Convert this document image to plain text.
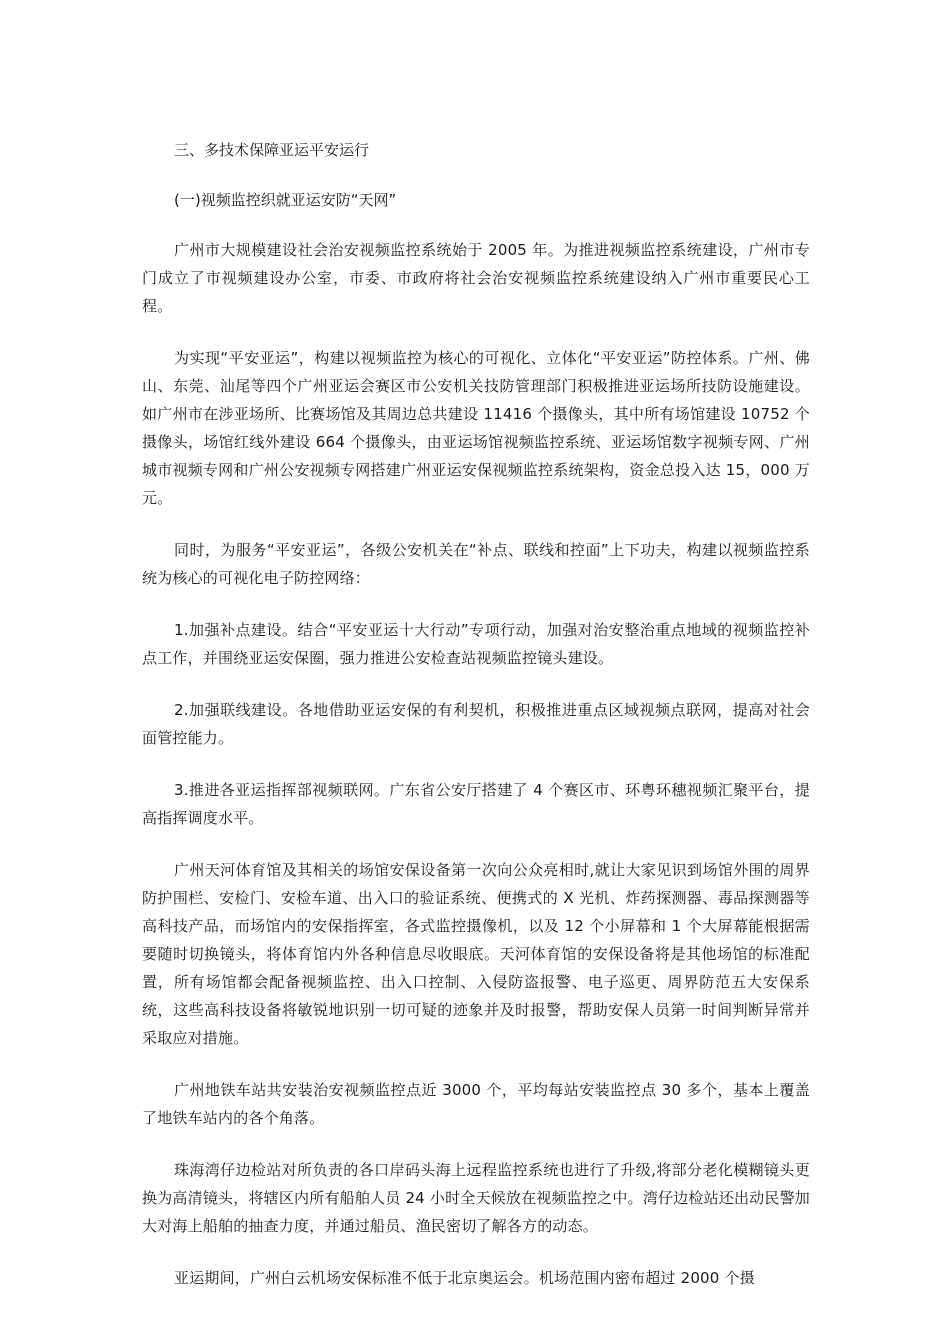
三、多技术保障亚运平安运行

(一)视频监控织就亚运安防“天网”

广州市大规模建设社会治安视频监控系统始于 2005 年。为推进视频监控系统建设，广州市专门成立了市视频建设办公室，市委、市政府将社会治安视频监控系统建设纳入广州市重要民心工程。

为实现“平安亚运”，构建以视频监控为核心的可视化、立体化“平安亚运”防控体系。广州、佛山、东莞、汕尾等四个广州亚运会赛区市公安机关技防管理部门积极推进亚运场所技防设施建设。如广州市在涉亚场所、比赛场馆及其周边总共建设 11416 个摄像头，其中所有场馆建设 10752 个摄像头，场馆红线外建设 664 个摄像头，由亚运场馆视频监控系统、亚运场馆数字视频专网、广州城市视频专网和广州公安视频专网搭建广州亚运安保视频监控系统架构，资金总投入达 15，000 万元。

同时，为服务“平安亚运”，各级公安机关在“补点、联线和控面”上下功夫，构建以视频监控系统为核心的可视化电子防控网络：

1.加强补点建设。结合“平安亚运十大行动”专项行动，加强对治安整治重点地域的视频监控补点工作，并围绕亚运安保圈，强力推进公安检查站视频监控镜头建设。

2.加强联线建设。各地借助亚运安保的有利契机，积极推进重点区域视频点联网，提高对社会面管控能力。

3.推进各亚运指挥部视频联网。广东省公安厅搭建了 4 个赛区市、环粤环穗视频汇聚平台，提高指挥调度水平。

广州天河体育馆及其相关的场馆安保设备第一次向公众亮相时,就让大家见识到场馆外围的周界防护围栏、安检门、安检车道、出入口的验证系统、便携式的 X 光机、炸药探测器、毒品探测器等高科技产品，而场馆内的安保指挥室，各式监控摄像机，以及 12 个小屏幕和 1 个大屏幕能根据需要随时切换镜头，将体育馆内外各种信息尽收眼底。天河体育馆的安保设备将是其他场馆的标准配置，所有场馆都会配备视频监控、出入口控制、入侵防盗报警、电子巡更、周界防范五大安保系统，这些高科技设备将敏锐地识别一切可疑的迹象并及时报警，帮助安保人员第一时间判断异常并采取应对措施。

广州地铁车站共安装治安视频监控点近 3000 个，平均每站安装监控点 30 多个，基本上覆盖了地铁车站内的各个角落。

珠海湾仔边检站对所负责的各口岸码头海上远程监控系统也进行了升级,将部分老化模糊镜头更换为高清镜头，将辖区内所有船舶人员 24 小时全天候放在视频监控之中。湾仔边检站还出动民警加大对海上船舶的抽查力度，并通过船员、渔民密切了解各方的动态。

亚运期间，广州白云机场安保标准不低于北京奥运会。机场范围内密布超过 2000 个摄
